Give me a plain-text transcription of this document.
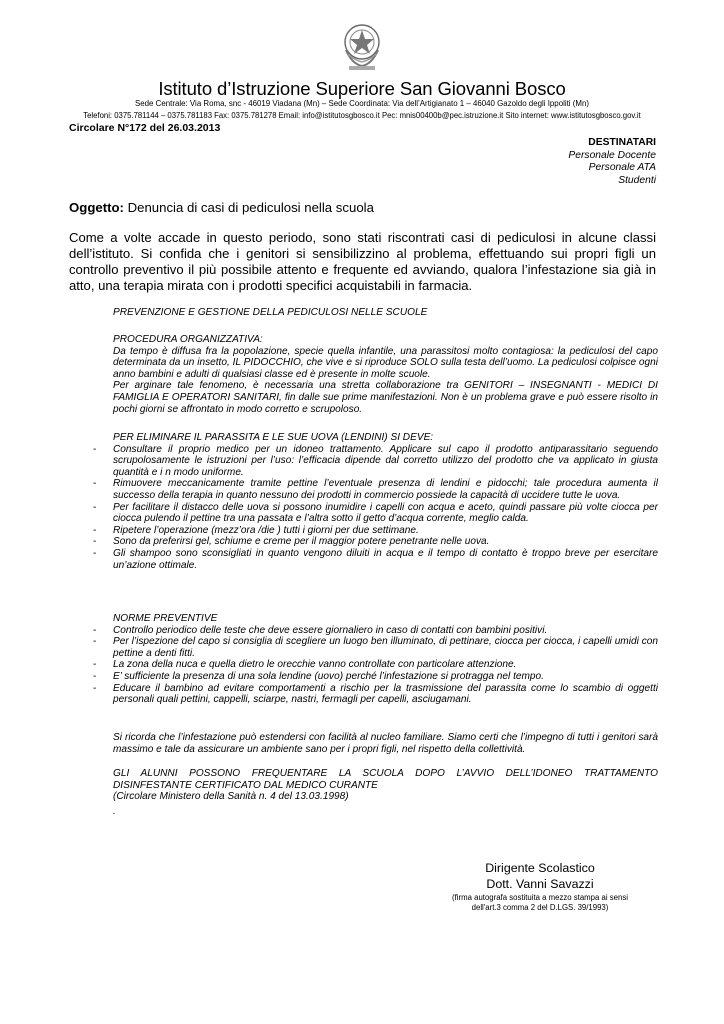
Istituto d’Istruzione Superiore San Giovanni Bosco
Sede Centrale: Via Roma, snc - 46019 Viadana (Mn) – Sede Coordinata: Via dell’Artigianato 1 – 46040 Gazoldo degli Ippoliti (Mn)
Telefoni: 0375.781144 – 0375.781183 Fax: 0375.781278 Email: info@istitutosgbosco.it Pec: mnis00400b@pec.istruzione.it Sito internet: www.istitutosgbosco.gov.it
Circolare N°172 del 26.03.2013
DESTINATARI
Personale Docente
Personale ATA
Studenti
Oggetto: Denuncia di casi di pediculosi nella scuola
Come a volte accade in questo periodo, sono stati riscontrati casi di pediculosi in alcune classi dell’istituto. Si confida che i genitori si sensibilizzino al problema, effettuando sui propri figli un controllo preventivo il più possibile attento e frequente ed avviando, qualora l’infestazione sia già in atto, una terapia mirata con i prodotti specifici acquistabili in farmacia.
PREVENZIONE E GESTIONE DELLA PEDICULOSI NELLE SCUOLE

PROCEDURA ORGANIZZATIVA:

Da tempo è diffusa fra la popolazione, specie quella infantile, una parassitosi molto contagiosa: la pediculosi del capo determinata da un insetto, IL PIDOCCHIO, che vive e si riproduce SOLO sulla testa dell’uomo. La pediculosi colpisce ogni anno bambini e adulti di qualsiasi classe ed è presente in molte scuole.

Per arginare tale fenomeno, è necessaria una stretta collaborazione tra GENITORI – INSEGNANTI - MEDICI DI FAMIGLIA E OPERATORI SANITARI, fin dalle sue prime manifestazioni. Non è un problema grave e può essere risolto in pochi giorni se affrontato in modo corretto e scrupoloso.

PER ELIMINARE IL PARASSITA E LE SUE UOVA (LENDINI) SI DEVE:

- Consultare il proprio medico per un idoneo trattamento. Applicare sul capo il prodotto antiparassitario seguendo scrupolosamente le istruzioni per l’uso: l’efficacia dipende dal corretto utilizzo del prodotto che va applicato in giusta quantità e i n modo uniforme.
- Rimuovere meccanicamente tramite pettine l’eventuale presenza di lendini e pidocchi; tale procedura aumenta il successo della terapia in quanto nessuno dei prodotti in commercio possiede la capacità di uccidere tutte le uova.
- Per facilitare il distacco delle uova si possono inumidire i capelli con acqua e aceto, quindi passare più volte ciocca per ciocca pulendo il pettine tra una passata e l’altra sotto il getto d’acqua corrente, meglio calda.
- Ripetere l’operazione (mezz’ora /die ) tutti i giorni per due settimane.
- Sono da preferirsi gel, schiume e creme per il maggior potere penetrante nelle uova.
- Gli shampoo sono sconsigliati in quanto vengono diluiti in acqua e il tempo di contatto è troppo breve per esercitare un’azione ottimale.

NORME PREVENTIVE

- Controllo periodico delle teste che deve essere giornaliero in caso di contatti con bambini positivi.
- Per l’ispezione del capo si consiglia di scegliere un luogo ben illuminato, di pettinare, ciocca per ciocca, i capelli umidi con pettine a denti fitti.
- La zona della nuca e quella dietro le orecchie vanno controllate con particolare attenzione.
- E’ sufficiente la presenza di una sola lendine (uovo) perché l’infestazione si protragga nel tempo.
- Educare il bambino ad evitare comportamenti a rischio per la trasmissione del parassita come lo scambio di oggetti personali quali pettini, cappelli, sciarpe, nastri, fermagli per capelli, asciugamani.
Si ricorda che l’infestazione può estendersi con facilità al nucleo familiare. Siamo certi che l’impegno di tutti i genitori sarà massimo e tale da assicurare un ambiente sano per i propri figli, nel rispetto della collettività.

GLI ALUNNI POSSONO FREQUENTARE LA SCUOLA DOPO L’AVVIO DELL’IDONEO TRATTAMENTO DISINFESTANTE CERTIFICATO DAL MEDICO CURANTE

(Circolare Ministero della Sanità n. 4 del 13.03.1998)

.
Dirigente Scolastico
Dott. Vanni Savazzi
(firma autografa sostituita a mezzo stampa ai sensi dell'art.3 comma 2 del D.LGS. 39/1993)
